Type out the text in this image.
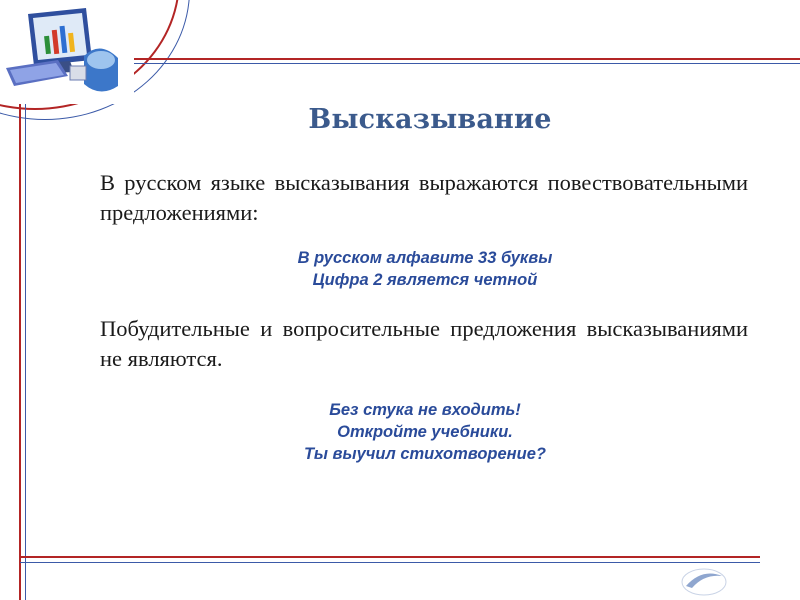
Высказывание

В русском языке высказывания выражаются повествовательными предложениями:

В русском алфавите 33 буквы
Цифра 2 является четной

Побудительные и вопросительные предложения высказываниями не являются.

Без стука не входить!
Откройте учебники.
Ты выучил стихотворение?
